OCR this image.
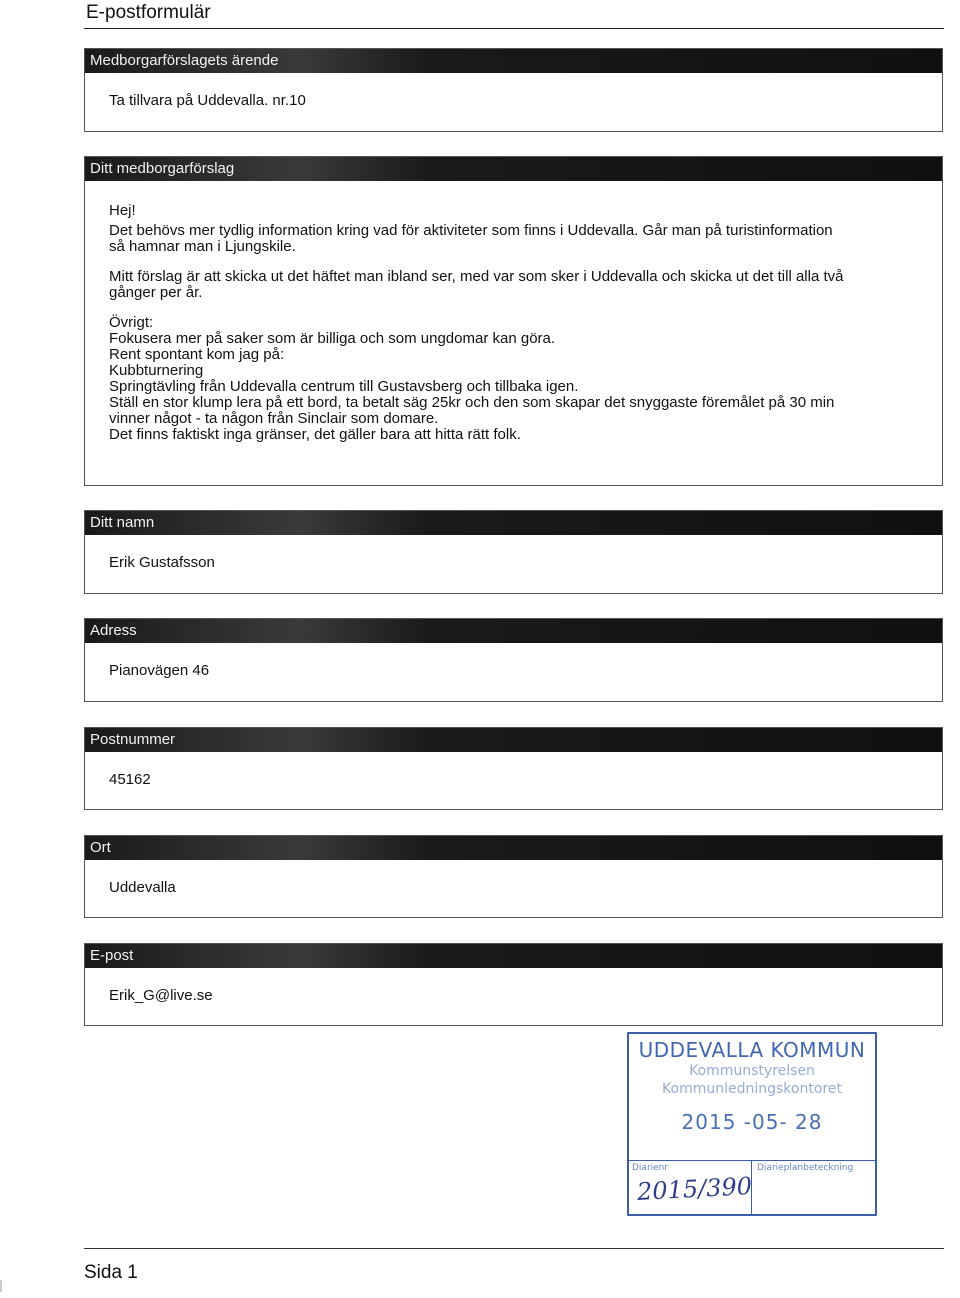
E-postformulär
Medborgarförslagets ärende
Ta tillvara på Uddevalla. nr.10
Ditt medborgarförslag
Hej!
Det behövs mer tydlig information kring vad för aktiviteter som finns i Uddevalla. Går man på turistinformation
så hamnar man i Ljungskile.
Mitt förslag är att skicka ut det häftet man ibland ser, med var som sker i Uddevalla och skicka ut det till alla två
gånger per år.
Övrigt:
Fokusera mer på saker som är billiga och som ungdomar kan göra.
Rent spontant kom jag på:
Kubbturnering
Springtävling från Uddevalla centrum till Gustavsberg och tillbaka igen.
Ställ en stor klump lera på ett bord, ta betalt säg 25kr och den som skapar det snyggaste föremålet på 30 min
vinner något - ta någon från Sinclair som domare.
Det finns faktiskt inga gränser, det gäller bara att hitta rätt folk.
Ditt namn
Erik Gustafsson
Adress
Pianovägen 46
Postnummer
45162
Ort
Uddevalla
E-post
Erik_G@live.se
UDDEVALLA KOMMUN
Kommunstyrelsen
Kommunledningskontoret
2015 -05- 28
Diarienr
2015/390
Diarieplanbeteckning
Sida 1
